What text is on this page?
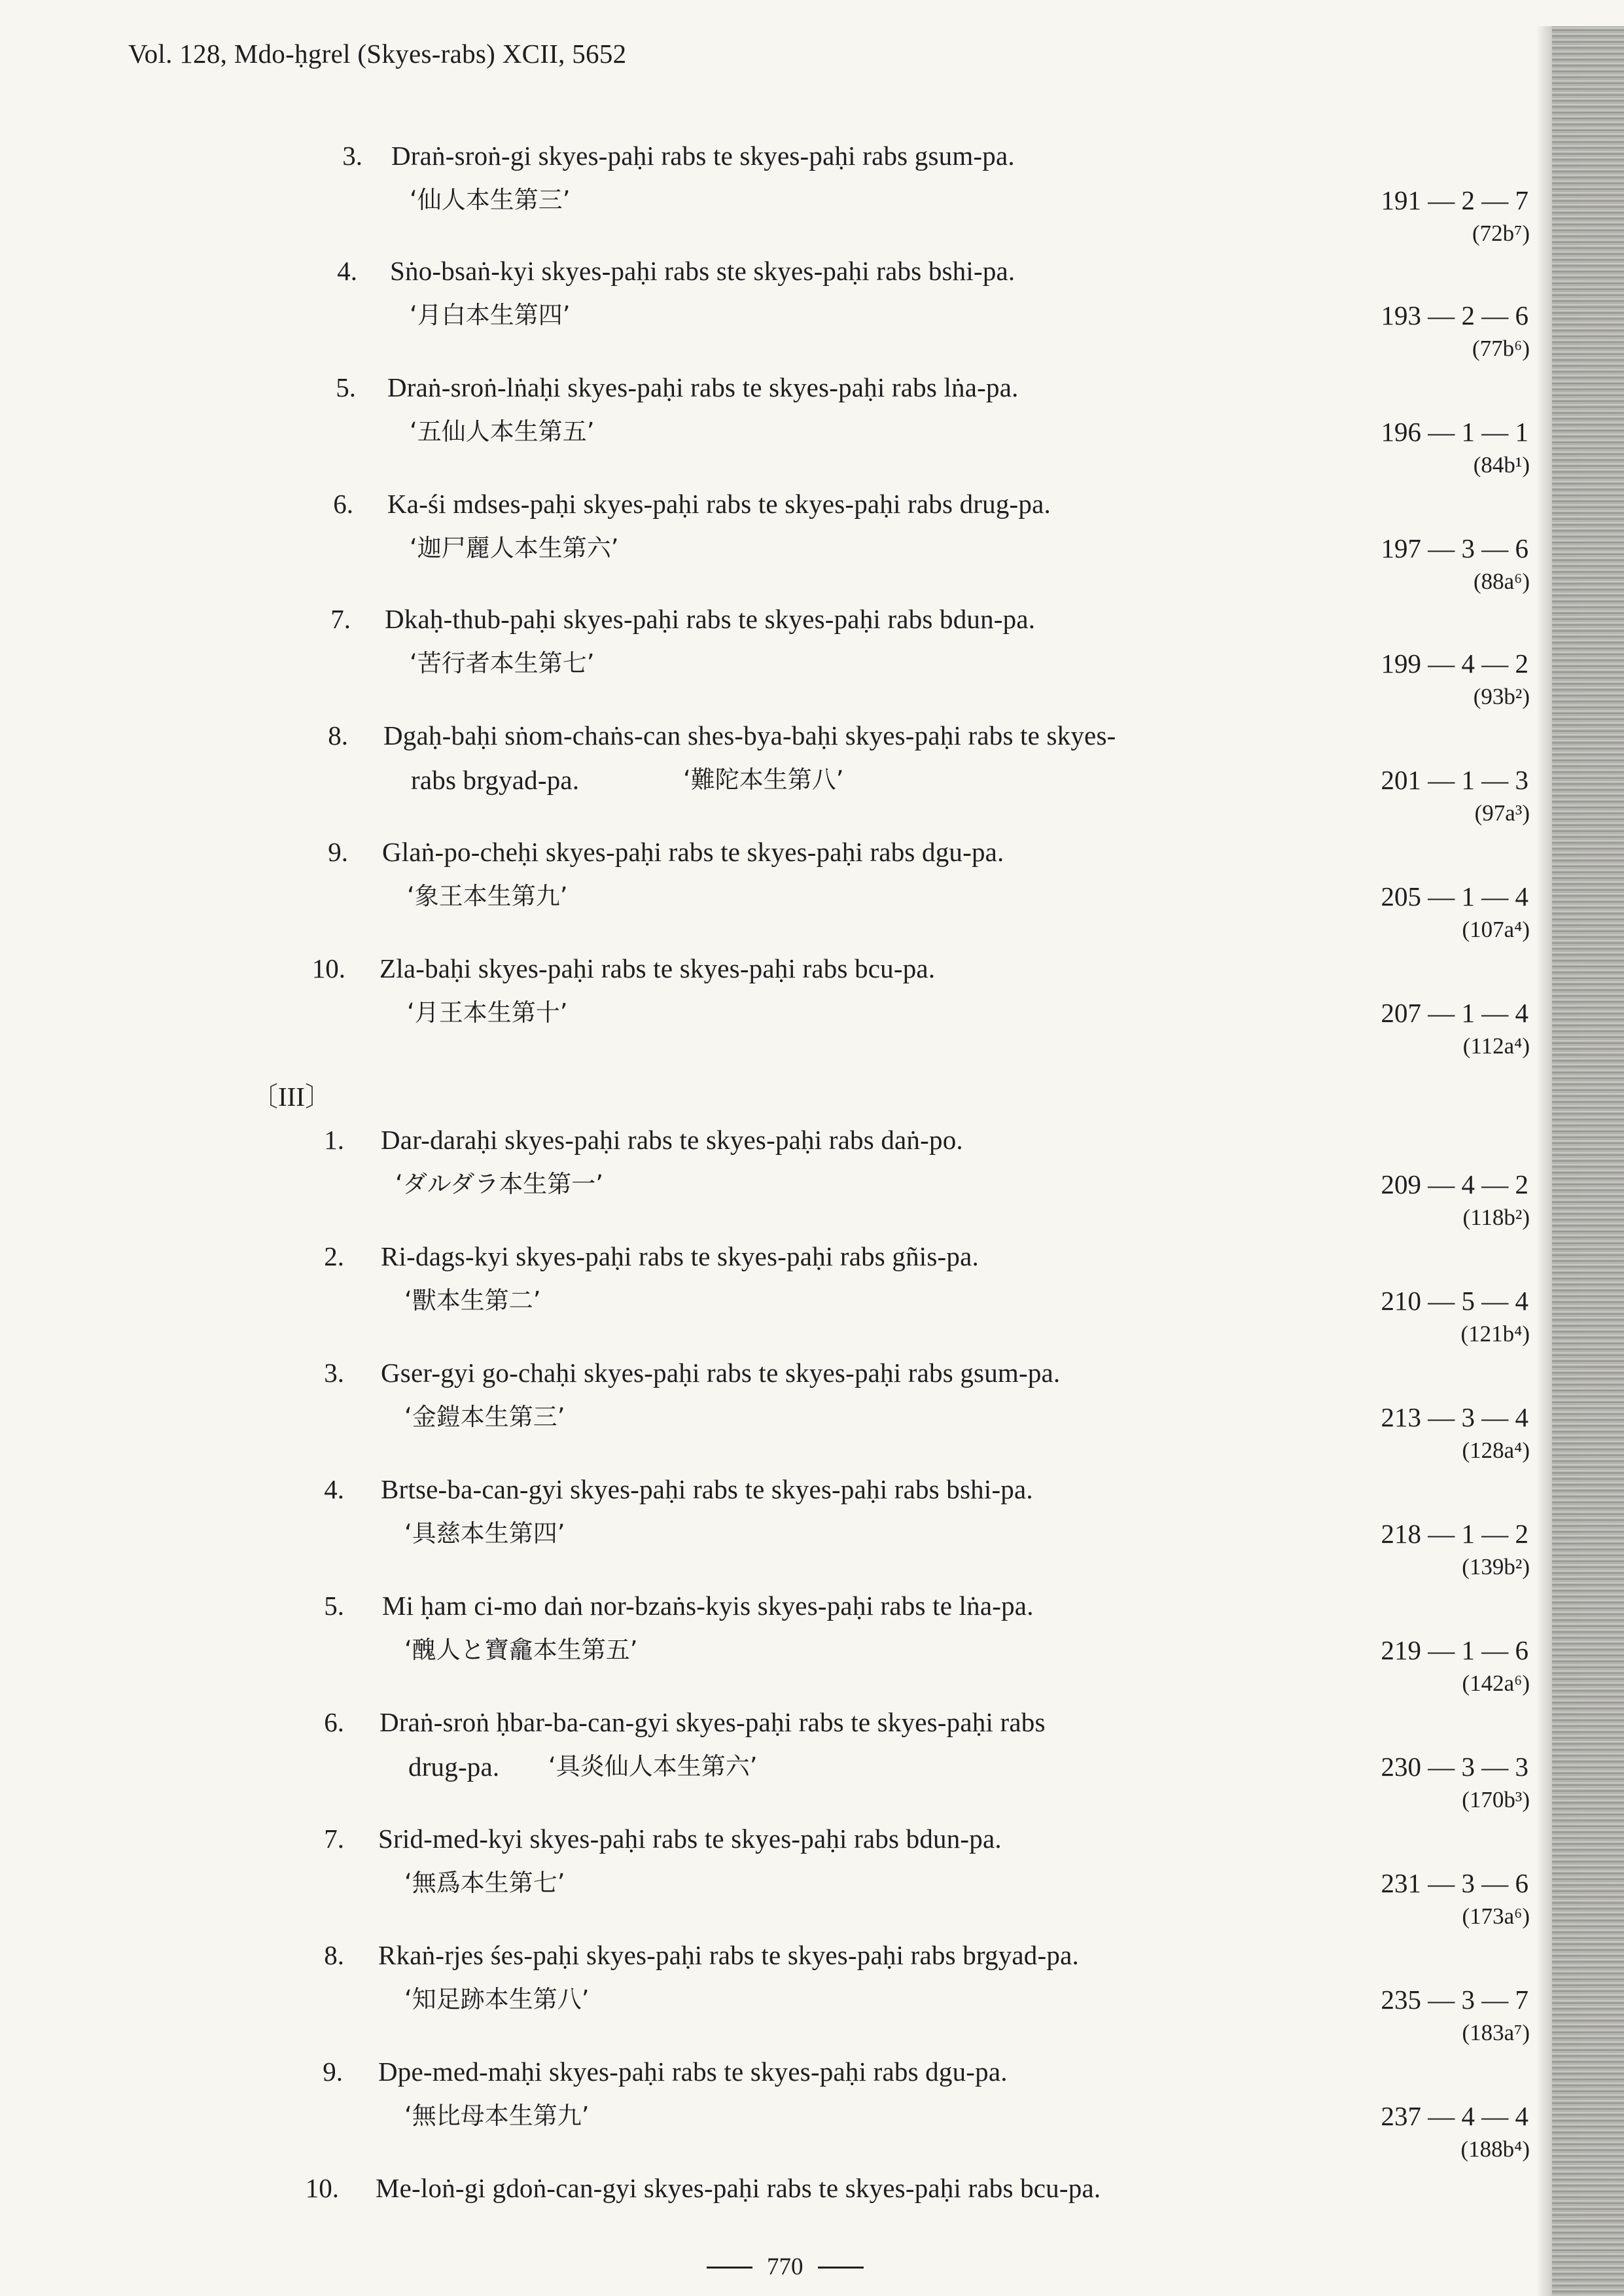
Vol. 128, Mdo-ḥgrel (Skyes-rabs) XCII, 5652
3. Draṅ-sroṅ-gi skyes-paḥi rabs te skyes-paḥi rabs gsum-pa.
‘仙人本生第三’	191 — 2 — 7
(72b⁷)
4. Sṅo-bsaṅ-kyi skyes-paḥi rabs ste skyes-paḥi rabs bshi-pa.
‘月白本生第四’	193 — 2 — 6
(77b⁶)
5. Draṅ-sroṅ-lṅaḥi skyes-paḥi rabs te skyes-paḥi rabs lṅa-pa.
‘五仙人本生第五’	196 — 1 — 1
(84b¹)
6. Ka-śi mdses-paḥi skyes-paḥi rabs te skyes-paḥi rabs drug-pa.
‘迦尸麗人本生第六’	197 — 3 — 6
(88a⁶)
7. Dkaḥ-thub-paḥi skyes-paḥi rabs te skyes-paḥi rabs bdun-pa.
‘苦行者本生第七’	199 — 4 — 2
(93b²)
8. Dgaḥ-baḥi sṅom-chaṅs-can shes-bya-baḥi skyes-paḥi rabs te skyes-
rabs brgyad-pa.	‘難陀本生第八’	201 — 1 — 3
(97a³)
9. Glaṅ-po-cheḥi skyes-paḥi rabs te skyes-paḥi rabs dgu-pa.
‘象王本生第九’	205 — 1 — 4
(107a⁴)
10. Zla-baḥi skyes-paḥi rabs te skyes-paḥi rabs bcu-pa.
‘月王本生第十’	207 — 1 — 4
(112a⁴)
〔III〕
1. Dar-daraḥi skyes-paḥi rabs te skyes-paḥi rabs daṅ-po.
‘ダルダラ本生第一’	209 — 4 — 2
(118b²)
2. Ri-dags-kyi skyes-paḥi rabs te skyes-paḥi rabs gñis-pa.
‘獸本生第二’	210 — 5 — 4
(121b⁴)
3. Gser-gyi go-chaḥi skyes-paḥi rabs te skyes-paḥi rabs gsum-pa.
‘金鎧本生第三’	213 — 3 — 4
(128a⁴)
4. Brtse-ba-can-gyi skyes-paḥi rabs te skyes-paḥi rabs bshi-pa.
‘具慈本生第四’	218 — 1 — 2
(139b²)
5. Mi ḥam ci-mo daṅ nor-bzaṅs-kyis skyes-paḥi rabs te lṅa-pa.
‘醜人と寶龕本生第五’	219 — 1 — 6
(142a⁶)
6. Draṅ-sroṅ ḥbar-ba-can-gyi skyes-paḥi rabs te skyes-paḥi rabs
drug-pa. ‘具炎仙人本生第六’	230 — 3 — 3
(170b³)
7. Srid-med-kyi skyes-paḥi rabs te skyes-paḥi rabs bdun-pa.
‘無爲本生第七’	231 — 3 — 6
(173a⁶)
8. Rkaṅ-rjes śes-paḥi skyes-paḥi rabs te skyes-paḥi rabs brgyad-pa.
‘知足跡本生第八’	235 — 3 — 7
(183a⁷)
9. Dpe-med-maḥi skyes-paḥi rabs te skyes-paḥi rabs dgu-pa.
‘無比母本生第九’	237 — 4 — 4
(188b⁴)
10. Me-loṅ-gi gdoṅ-can-gyi skyes-paḥi rabs te skyes-paḥi rabs bcu-pa.
770
